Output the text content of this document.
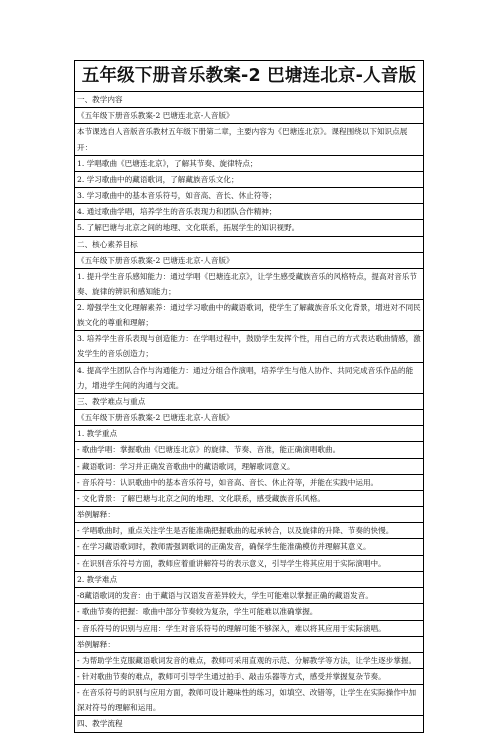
五年级下册音乐教案-2 巴塘连北京-人音版
一、教学内容
《五年级下册音乐教案-2 巴塘连北京-人音版》
本节课选自人音版音乐教材五年级下册第二章，主要内容为《巴塘连北京》。课程围绕以下知识点展开：
1. 学唱歌曲《巴塘连北京》，了解其节奏、旋律特点；
2. 学习歌曲中的藏语歌词，了解藏族音乐文化；
3. 学习歌曲中的基本音乐符号，如音高、音长、休止符等；
4. 通过歌曲学唱，培养学生的音乐表现力和团队合作精神；
5. 了解巴塘与北京之间的地理、文化联系，拓展学生的知识视野。
二、核心素养目标
《五年级下册音乐教案-2 巴塘连北京-人音版》
1. 提升学生音乐感知能力：通过学唱《巴塘连北京》，让学生感受藏族音乐的风格特点，提高对音乐节奏、旋律的辨识和感知能力；
2. 增强学生文化理解素养：通过学习歌曲中的藏语歌词，使学生了解藏族音乐文化背景，增进对不同民族文化的尊重和理解；
3. 培养学生音乐表现与创造能力：在学唱过程中，鼓励学生发挥个性，用自己的方式表达歌曲情感，激发学生的音乐创造力；
4. 提高学生团队合作与沟通能力：通过分组合作演唱，培养学生与他人协作、共同完成音乐作品的能力，增进学生间的沟通与交流。
三、教学难点与重点
《五年级下册音乐教案-2 巴塘连北京-人音版》
1. 教学重点
- 歌曲学唱：掌握歌曲《巴塘连北京》的旋律、节奏、音准，能正确演唱歌曲。
- 藏语歌词：学习并正确发音歌曲中的藏语歌词，理解歌词意义。
- 音乐符号：认识歌曲中的基本音乐符号，如音高、音长、休止符等，并能在实践中运用。
- 文化背景：了解巴塘与北京之间的地理、文化联系，感受藏族音乐风格。
举例解释：
- 学唱歌曲时，重点关注学生是否能准确把握歌曲的起承转合，以及旋律的升降、节奏的快慢。
- 在学习藏语歌词时，教师需强调歌词的正确发音，确保学生能准确模仿并理解其意义。
- 在识别音乐符号方面，教师应着重讲解符号的表示意义，引导学生将其应用于实际演唱中。
2. 教学难点
-8藏语歌词的发音：由于藏语与汉语发音差异较大，学生可能难以掌握正确的藏语发音。
- 歌曲节奏的把握：歌曲中部分节奏较为复杂，学生可能难以准确掌握。
- 音乐符号的识别与应用：学生对音乐符号的理解可能不够深入，难以将其应用于实际演唱。
举例解释：
- 为帮助学生克服藏语歌词发音的难点，教师可采用直观的示范、分解教学等方法，让学生逐步掌握。
- 针对歌曲节奏的难点，教师可引导学生通过拍手、敲击乐器等方式，感受并掌握复杂节奏。
- 在音乐符号的识别与应用方面，教师可设计趣味性的练习，如填空、改错等，让学生在实际操作中加深对符号的理解和运用。
四、教学流程
